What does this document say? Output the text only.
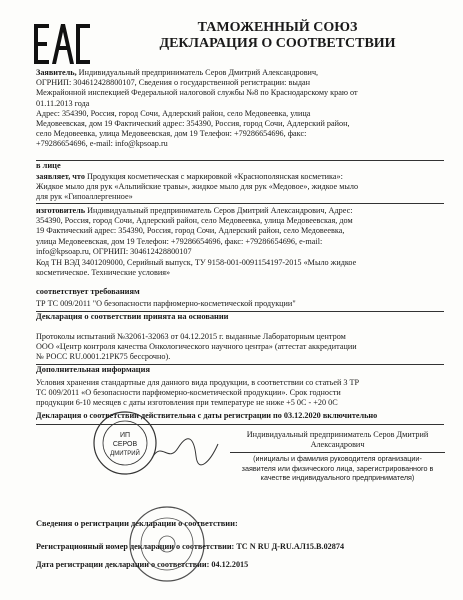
ТАМОЖЕННЫЙ СОЮЗ
ДЕКЛАРАЦИЯ О СООТВЕТСТВИИ
Заявитель, Индивидуальный предприниматель Серов Дмитрий Александрович,
ОГРНИП: 304612428800107, Сведения о государственной регистрации: выдан
Межрайонной инспекцией Федеральной налоговой службы №8 по Краснодарскому краю от
01.11.2013 года
Адрес: 354390, Россия, город Сочи, Адлерский район, село Медовеевка, улица
Медовеевская, дом 19 Фактический адрес: 354390, Россия, город Сочи, Адлерский район,
село Медовеевка, улица Медовеевская, дом 19 Телефон: +79286654696, факс:
+79286654696, e-mail: info@kpsoap.ru
в лице
заявляет, что Продукция косметическая с маркировкой «Краснополянская косметика»:
Жидкое мыло для рук «Альпийские травы», жидкое мыло для рук «Медовое», жидкое мыло
для рук «Гипоаллергенное»
изготовитель Индивидуальный предприниматель Серов Дмитрий Александрович, Адрес:
354390, Россия, город Сочи, Адлерский район, село Медовеевка, улица Медовеевская, дом
19 Фактический адрес: 354390, Россия, город Сочи, Адлерский район, село Медовеевка,
улица Медовеевская, дом 19 Телефон: +79286654696, факс: +79286654696, e-mail:
info@kpsoap.ru, ОГРНИП: 304612428800107
Код ТН ВЭД 3401209000, Серийный выпуск, ТУ 9158-001-0091154197-2015 «Мыло жидкое
косметическое. Технические условия»
соответствует требованиям
ТР ТС 009/2011 "О безопасности парфюмерно-косметической продукции"
Декларация о соответствии принята на основании
Протоколы испытаний №32061-32063 от 04.12.2015 г. выданные Лабораторным центром
ООО «Центр контроля качества Онкологического научного центра» (аттестат аккредитации
№ РОСС RU.0001.21РК75 бессрочно).
Дополнительная информация
Условия хранения стандартные для данного вида продукции, в соответствии со статьей 3 ТР
ТС 009/2011 «О безопасности парфюмерно-косметической продукции». Срок годности
продукции 6-10 месяцев с даты изготовления при температуре не ниже +5 0С - +20 0С
Декларация о соответствии действительна с даты регистрации по 03.12.2020 включительно
ИП
СЕРОВ
ДМИТРИЙ
Индивидуальный предприниматель Серов Дмитрий
Александрович
(инициалы и фамилия руководителя организации-
заявителя или физического лица, зарегистрированного в
качестве индивидуального предпринимателя)
Сведения о регистрации декларации о соответствии:
Регистрационный номер декларации о соответствии: ТС N RU Д-RU.АЛ15.В.02874
Дата регистрации декларации о соответствии: 04.12.2015
